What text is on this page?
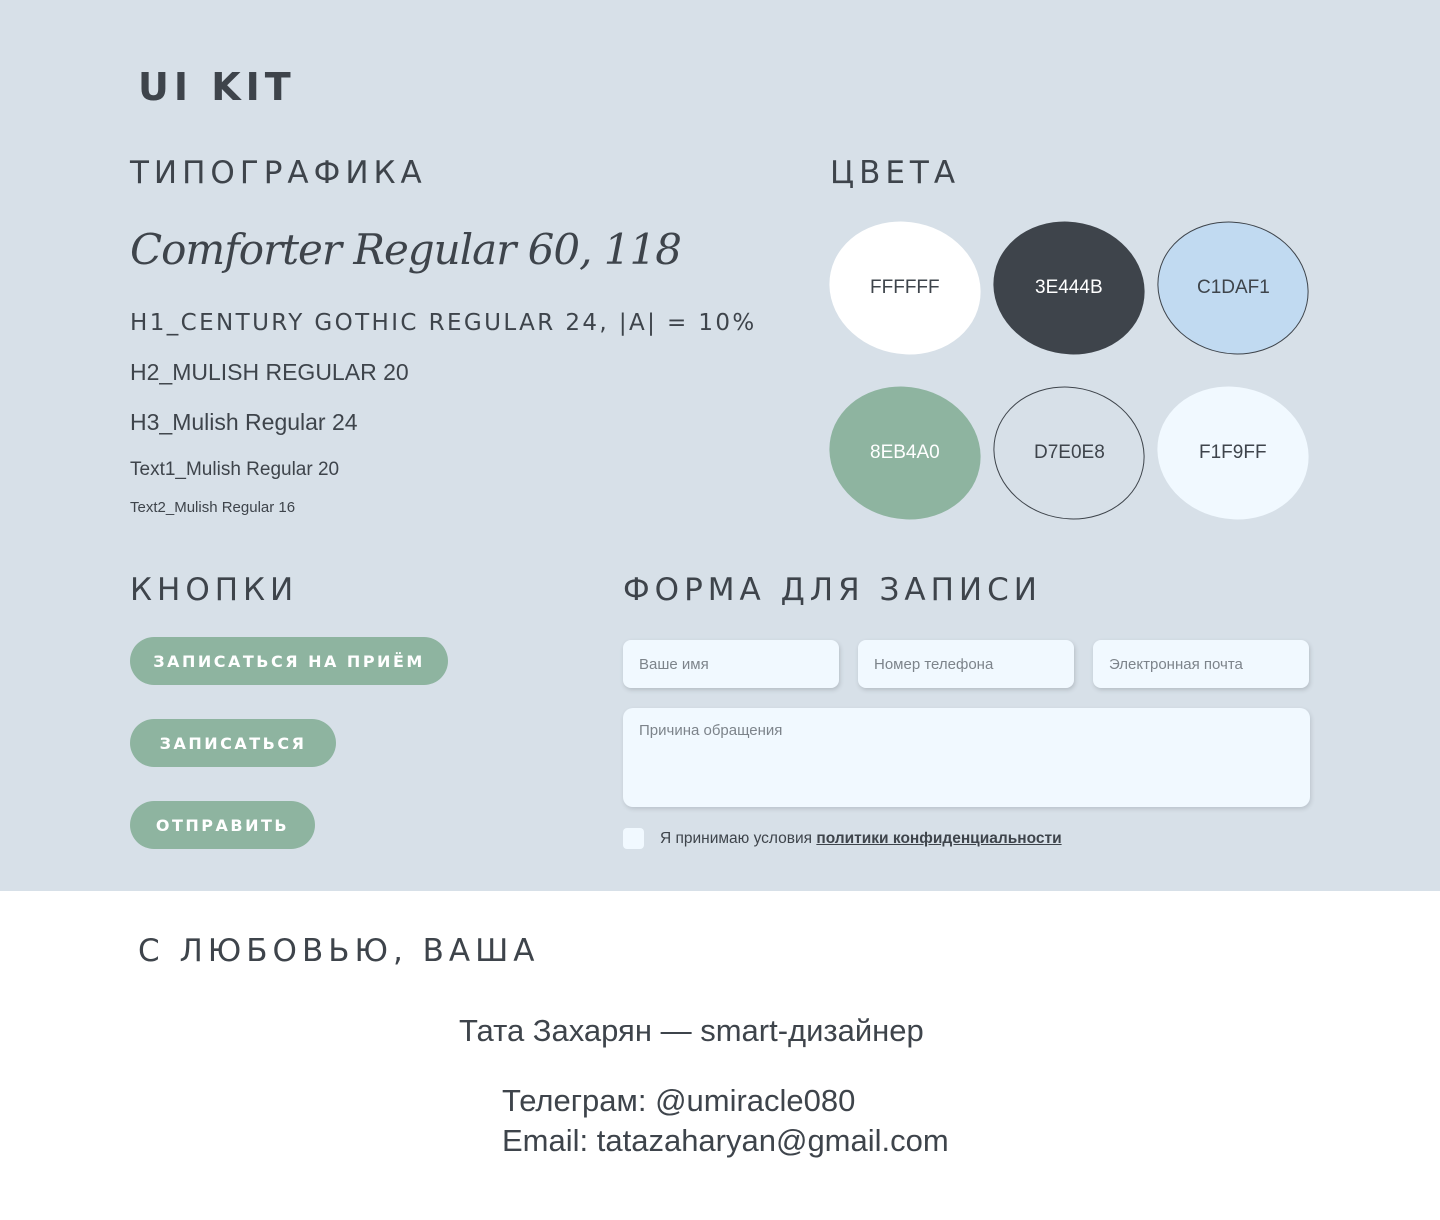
UI KIT
ТИПОГРАФИКА
Comforter Regular 60, 118
H1_CENTURY GOTHIC REGULAR 24, |A| = 10%
H2_MULISH REGULAR 20
H3_Mulish Regular 24
Text1_Mulish Regular 20
Text2_Mulish Regular 16
ЦВЕТА
FFFFFF	3E444B	C1DAF1
8EB4A0	D7E0E8	F1F9FF
КНОПКИ
ЗАПИСАТЬСЯ НА ПРИЁМ
ЗАПИСАТЬСЯ
ОТПРАВИТЬ
ФОРМА ДЛЯ ЗАПИСИ
Ваше имя
Номер телефона
Электронная почта
Причина обращения
Я принимаю условия политики конфиденциальности
С ЛЮБОВЬЮ, ВАША
Тата Захарян — smart-дизайнер
Телеграм: @umiracle080
Email: tatazaharyan@gmail.com
